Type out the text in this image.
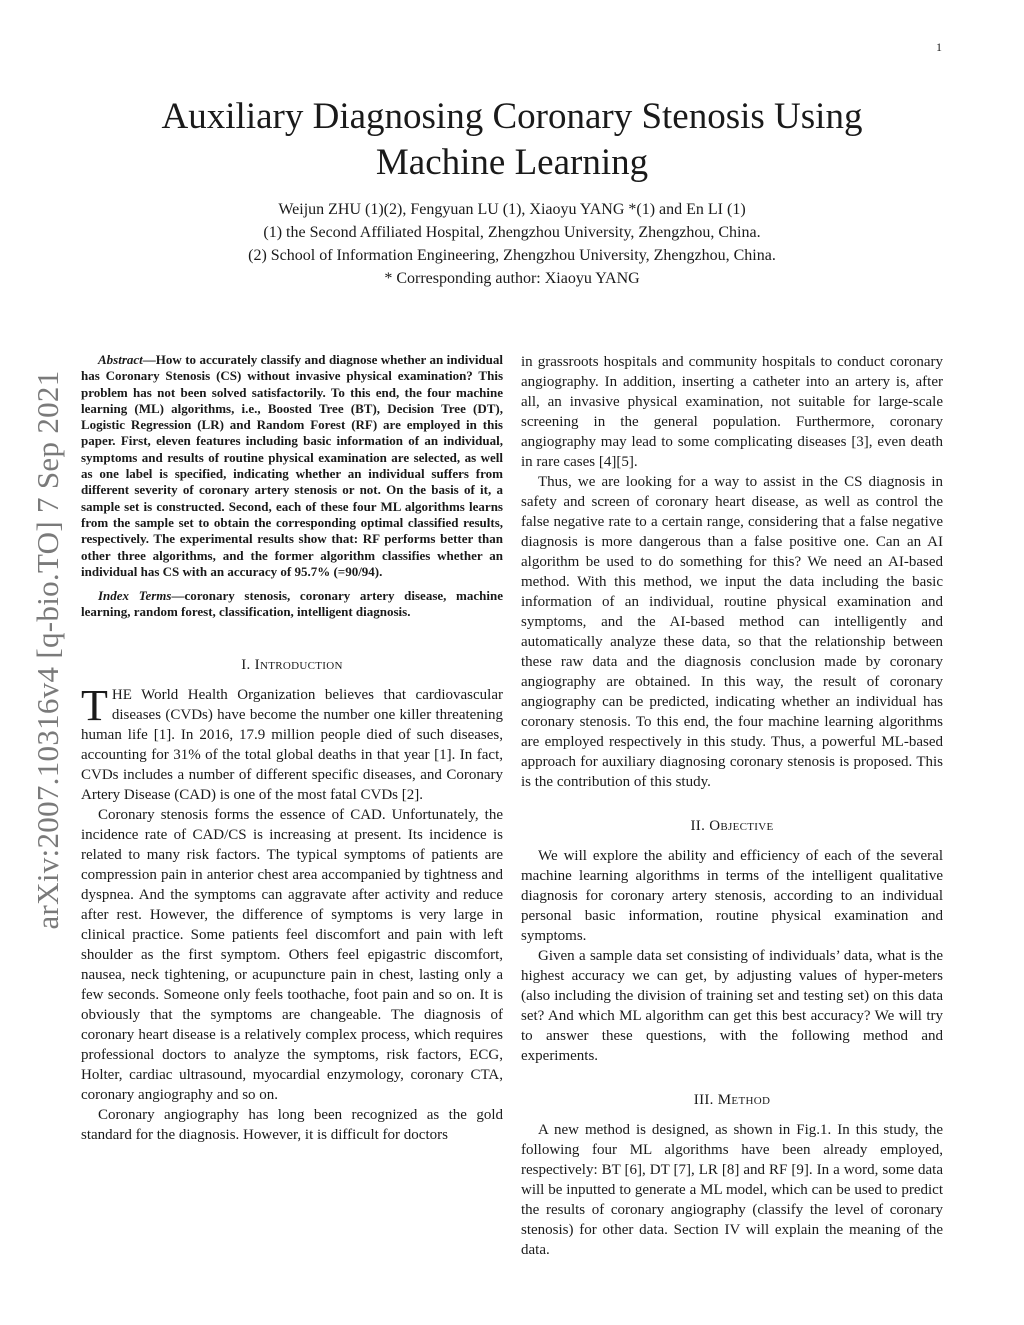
1
arXiv:2007.10316v4 [q-bio.TO] 7 Sep 2021
Auxiliary Diagnosing Coronary Stenosis Using
Machine Learning
Weijun ZHU (1)(2), Fengyuan LU (1), Xiaoyu YANG *(1) and En LI (1)
(1) the Second Affiliated Hospital, Zhengzhou University, Zhengzhou, China.
(2) School of Information Engineering, Zhengzhou University, Zhengzhou, China.
* Corresponding author: Xiaoyu YANG

Abstract—How to accurately classify and diagnose whether an individual has Coronary Stenosis (CS) without invasive physical examination? This problem has not been solved satisfactorily. To this end, the four machine learning (ML) algorithms, i.e., Boosted Tree (BT), Decision Tree (DT), Logistic Regression (LR) and Random Forest (RF) are employed in this paper. First, eleven features including basic information of an individual, symptoms and results of routine physical examination are selected, as well as one label is specified, indicating whether an individual suffers from different severity of coronary artery stenosis or not. On the basis of it, a sample set is constructed. Second, each of these four ML algorithms learns from the sample set to obtain the corresponding optimal classified results, respectively. The experimental results show that: RF performs better than other three algorithms, and the former algorithm classifies whether an individual has CS with an accuracy of 95.7% (=90/94).

Index Terms—coronary stenosis, coronary artery disease, machine learning, random forest, classification, intelligent diagnosis.

I. Introduction

THE World Health Organization believes that cardiovascular diseases (CVDs) have become the number one killer threatening human life [1]. In 2016, 17.9 million people died of such diseases, accounting for 31% of the total global deaths in that year [1]. In fact, CVDs includes a number of different specific diseases, and Coronary Artery Disease (CAD) is one of the most fatal CVDs [2].

Coronary stenosis forms the essence of CAD. Unfortunately, the incidence rate of CAD/CS is increasing at present. Its incidence is related to many risk factors. The typical symptoms of patients are compression pain in anterior chest area accompanied by tightness and dyspnea. And the symptoms can aggravate after activity and reduce after rest. However, the difference of symptoms is very large in clinical practice. Some patients feel discomfort and pain with left shoulder as the first symptom. Others feel epigastric discomfort, nausea, neck tightening, or acupuncture pain in chest, lasting only a few seconds. Someone only feels toothache, foot pain and so on. It is obviously that the symptoms are changeable. The diagnosis of coronary heart disease is a relatively complex process, which requires professional doctors to analyze the symptoms, risk factors, ECG, Holter, cardiac ultrasound, myocardial enzymology, coronary CTA, coronary angiography and so on.

Coronary angiography has long been recognized as the gold standard for the diagnosis. However, it is difficult for doctors

in grassroots hospitals and community hospitals to conduct coronary angiography. In addition, inserting a catheter into an artery is, after all, an invasive physical examination, not suitable for large-scale screening in the general population. Furthermore, coronary angiography may lead to some complicating diseases [3], even death in rare cases [4][5].

Thus, we are looking for a way to assist in the CS diagnosis in safety and screen of coronary heart disease, as well as control the false negative rate to a certain range, considering that a false negative diagnosis is more dangerous than a false positive one. Can an AI algorithm be used to do something for this? We need an AI-based method. With this method, we input the data including the basic information of an individual, routine physical examination and symptoms, and the AI-based method can intelligently and automatically analyze these data, so that the relationship between these raw data and the diagnosis conclusion made by coronary angiography are obtained. In this way, the result of coronary angiography can be predicted, indicating whether an individual has coronary stenosis. To this end, the four machine learning algorithms are employed respectively in this study. Thus, a powerful ML-based approach for auxiliary diagnosing coronary stenosis is proposed. This is the contribution of this study.

II. Objective

We will explore the ability and efficiency of each of the several machine learning algorithms in terms of the intelligent qualitative diagnosis for coronary artery stenosis, according to an individual personal basic information, routine physical examination and symptoms.

Given a sample data set consisting of individuals’ data, what is the highest accuracy we can get, by adjusting values of hyper-meters (also including the division of training set and testing set) on this data set? And which ML algorithm can get this best accuracy? We will try to answer these questions, with the following method and experiments.

III. Method

A new method is designed, as shown in Fig.1. In this study, the following four ML algorithms have been already employed, respectively: BT [6], DT [7], LR [8] and RF [9]. In a word, some data will be inputted to generate a ML model, which can be used to predict the results of coronary angiography (classify the level of coronary stenosis) for other data. Section IV will explain the meaning of the data.
